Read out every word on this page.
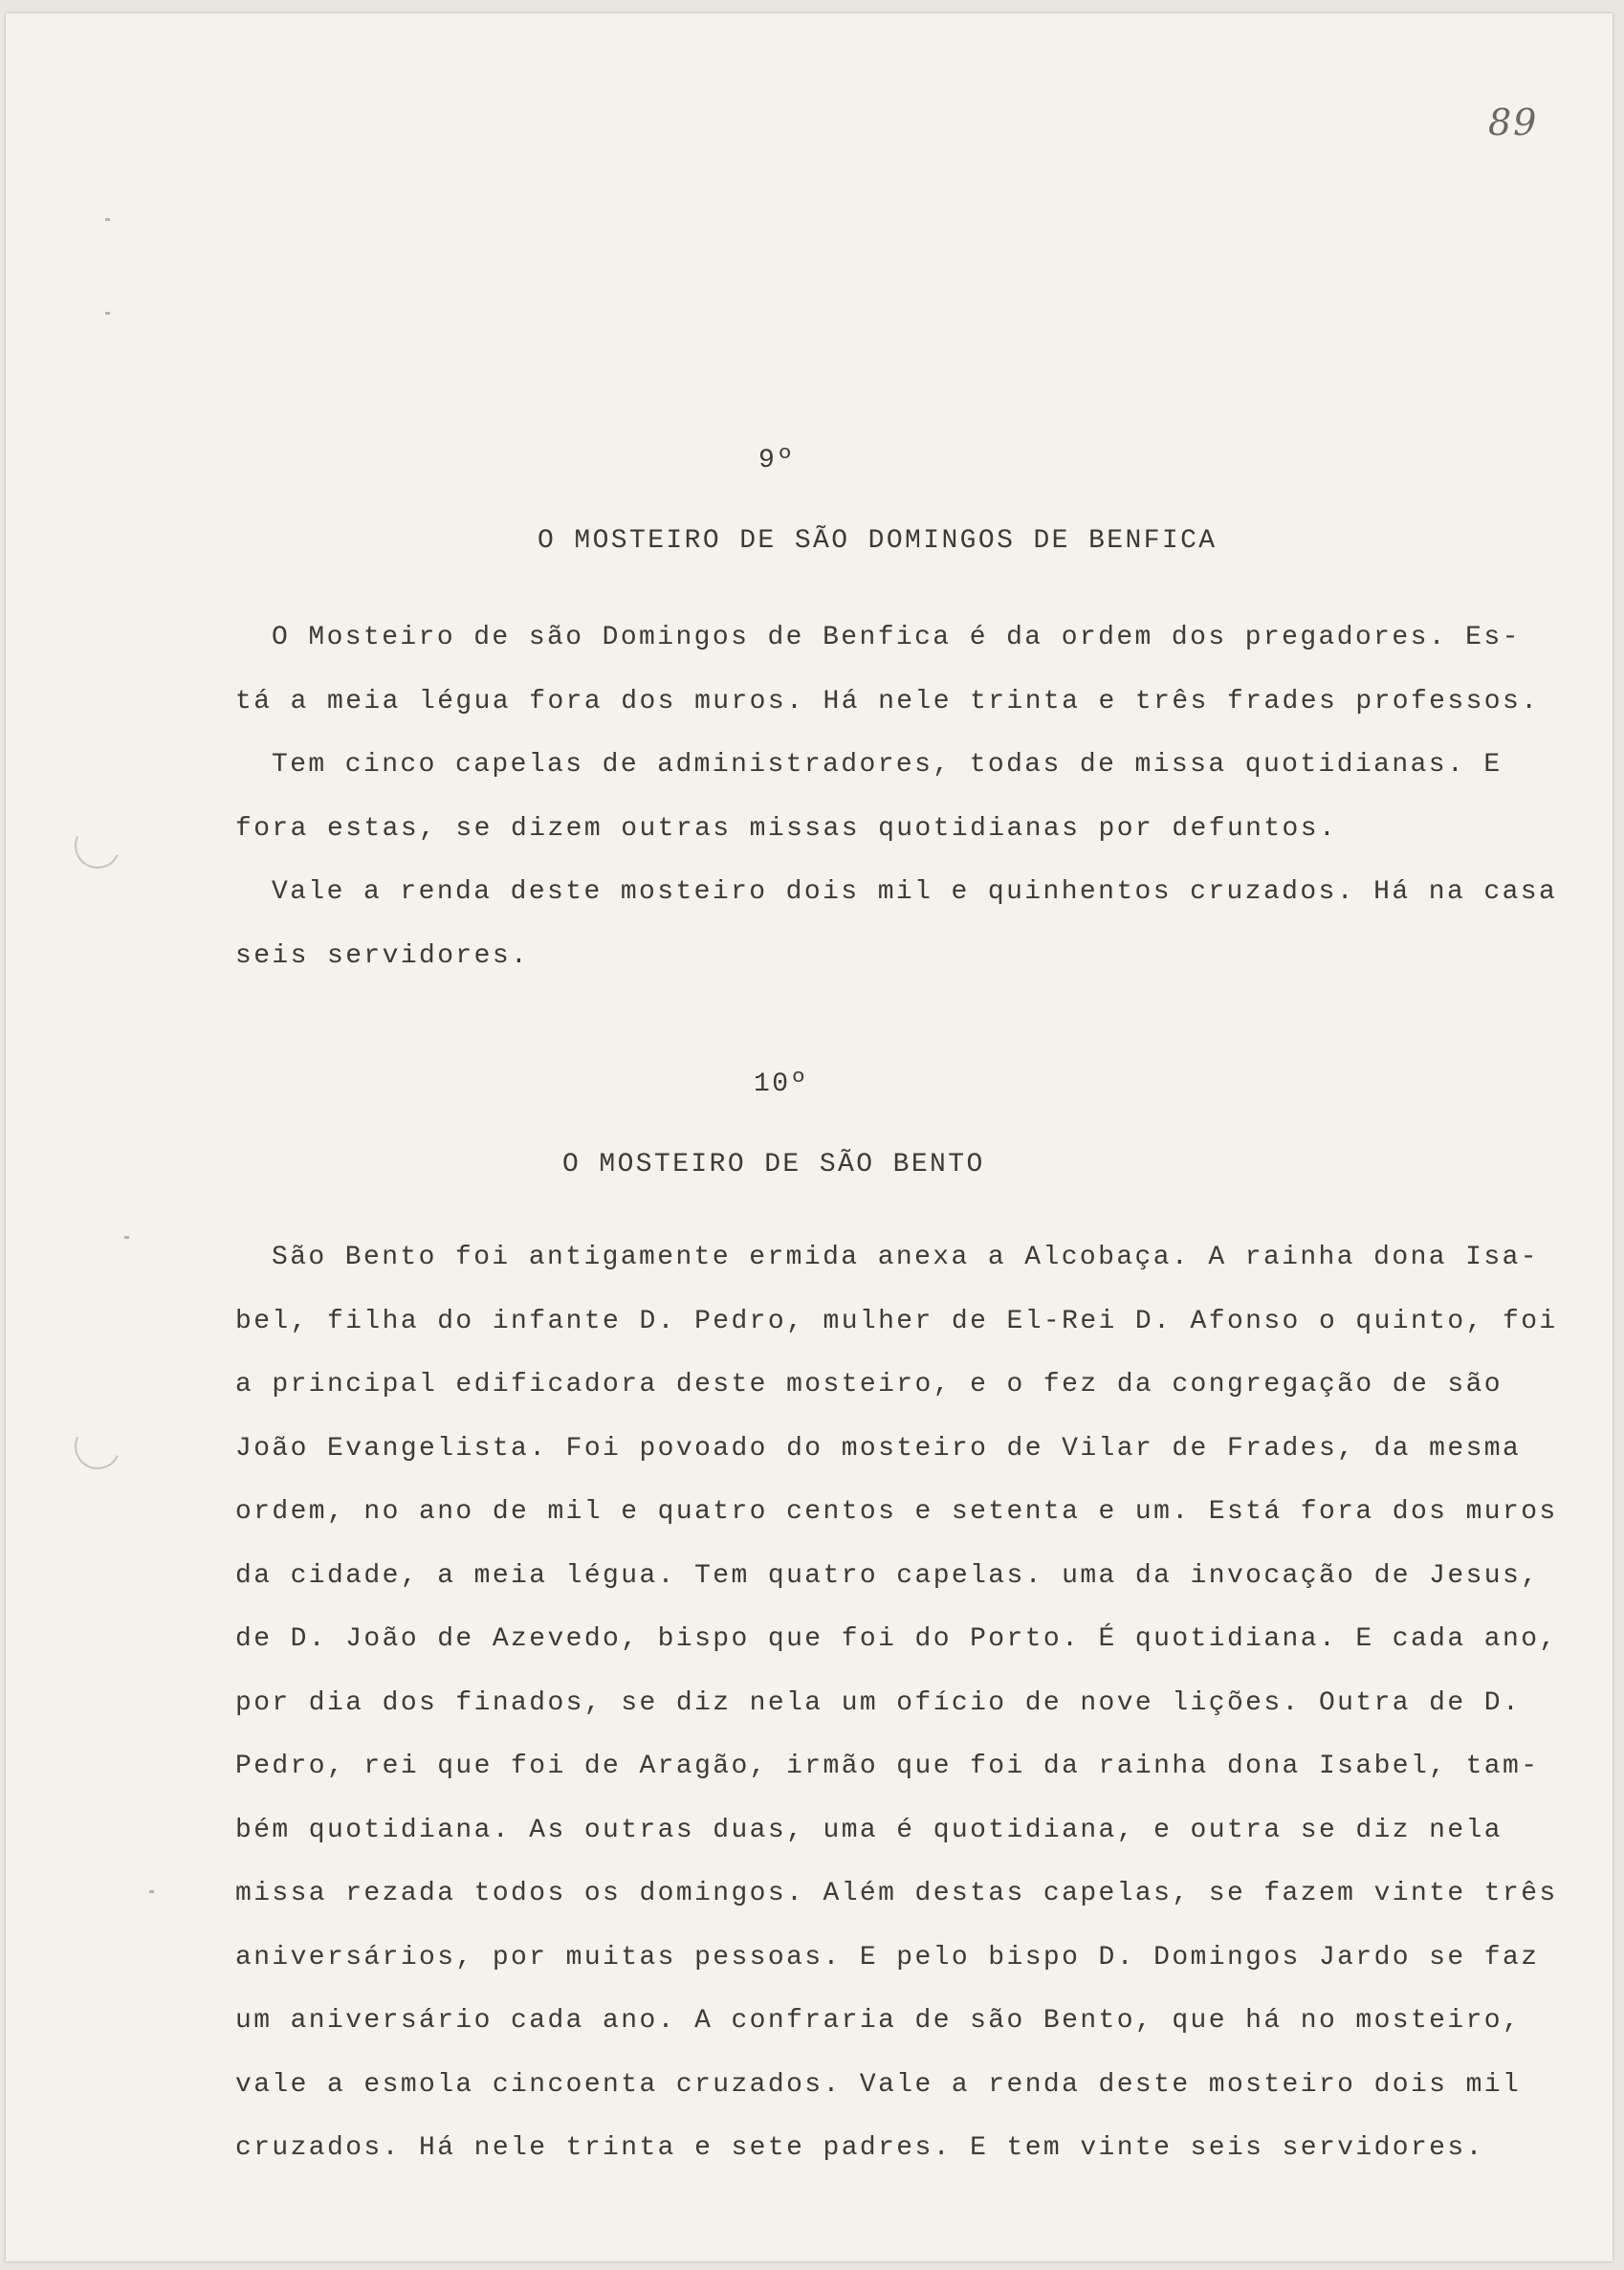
89
9º
O MOSTEIRO DE SÃO DOMINGOS DE BENFICA
O Mosteiro de são Domingos de Benfica é da ordem dos pregadores. Es-
tá a meia légua fora dos muros. Há nele trinta e três frades professos.
Tem cinco capelas de administradores, todas de missa quotidianas. E
fora estas, se dizem outras missas quotidianas por defuntos.
Vale a renda deste mosteiro dois mil e quinhentos cruzados. Há na casa
seis servidores.
10º
O MOSTEIRO DE SÃO BENTO
São Bento foi antigamente ermida anexa a Alcobaça. A rainha dona Isa-
bel, filha do infante D. Pedro, mulher de El-Rei D. Afonso o quinto, foi
a principal edificadora deste mosteiro, e o fez da congregação de são
João Evangelista. Foi povoado do mosteiro de Vilar de Frades, da mesma
ordem, no ano de mil e quatro centos e setenta e um. Está fora dos muros
da cidade, a meia légua. Tem quatro capelas. uma da invocação de Jesus,
de D. João de Azevedo, bispo que foi do Porto. É quotidiana. E cada ano,
por dia dos finados, se diz nela um ofício de nove lições. Outra de D.
Pedro, rei que foi de Aragão, irmão que foi da rainha dona Isabel, tam-
bém quotidiana. As outras duas, uma é quotidiana, e outra se diz nela
missa rezada todos os domingos. Além destas capelas, se fazem vinte três
aniversários, por muitas pessoas. E pelo bispo D. Domingos Jardo se faz
um aniversário cada ano. A confraria de são Bento, que há no mosteiro,
vale a esmola cincoenta cruzados. Vale a renda deste mosteiro dois mil
cruzados. Há nele trinta e sete padres. E tem vinte seis servidores.
